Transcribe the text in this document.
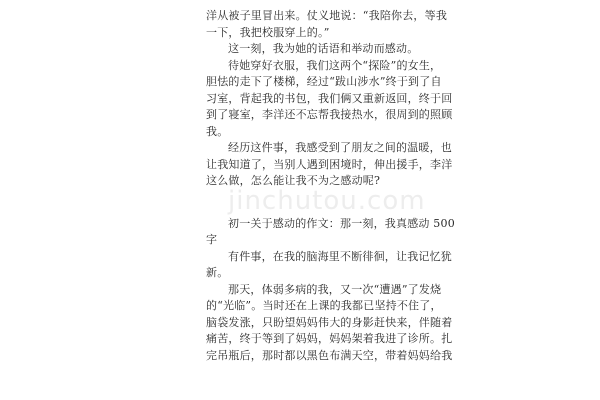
jinchutou.com
洋从被子里冒出来。仗义地说：“我陪你去，等我
一下，我把校服穿上的。”
这一刻，我为她的话语和举动而感动。
待她穿好衣服，我们这两个“探险”的女生，
胆怯的走下了楼梯，经过“跋山涉水”终于到了自
习室，背起我的书包，我们俩又重新返回，终于回
到了寝室，李洋还不忘帮我接热水，很周到的照顾
我。
经历这件事，我感受到了朋友之间的温暖，也
让我知道了，当别人遇到困境时，伸出援手，李洋
这么做，怎么能让我不为之感动呢?
初一关于感动的作文：那一刻，我真感动 500
字
有件事，在我的脑海里不断徘徊，让我记忆犹
新。
那天，体弱多病的我，又一次“遭遇”了发烧
的“光临”。当时还在上课的我都已坚持不住了，
脑袋发涨，只盼望妈妈伟大的身影赶快来，伴随着
痛苦，终于等到了妈妈，妈妈架着我进了诊所。扎
完吊瓶后，那时都以黑色布满天空，带着妈妈给我
